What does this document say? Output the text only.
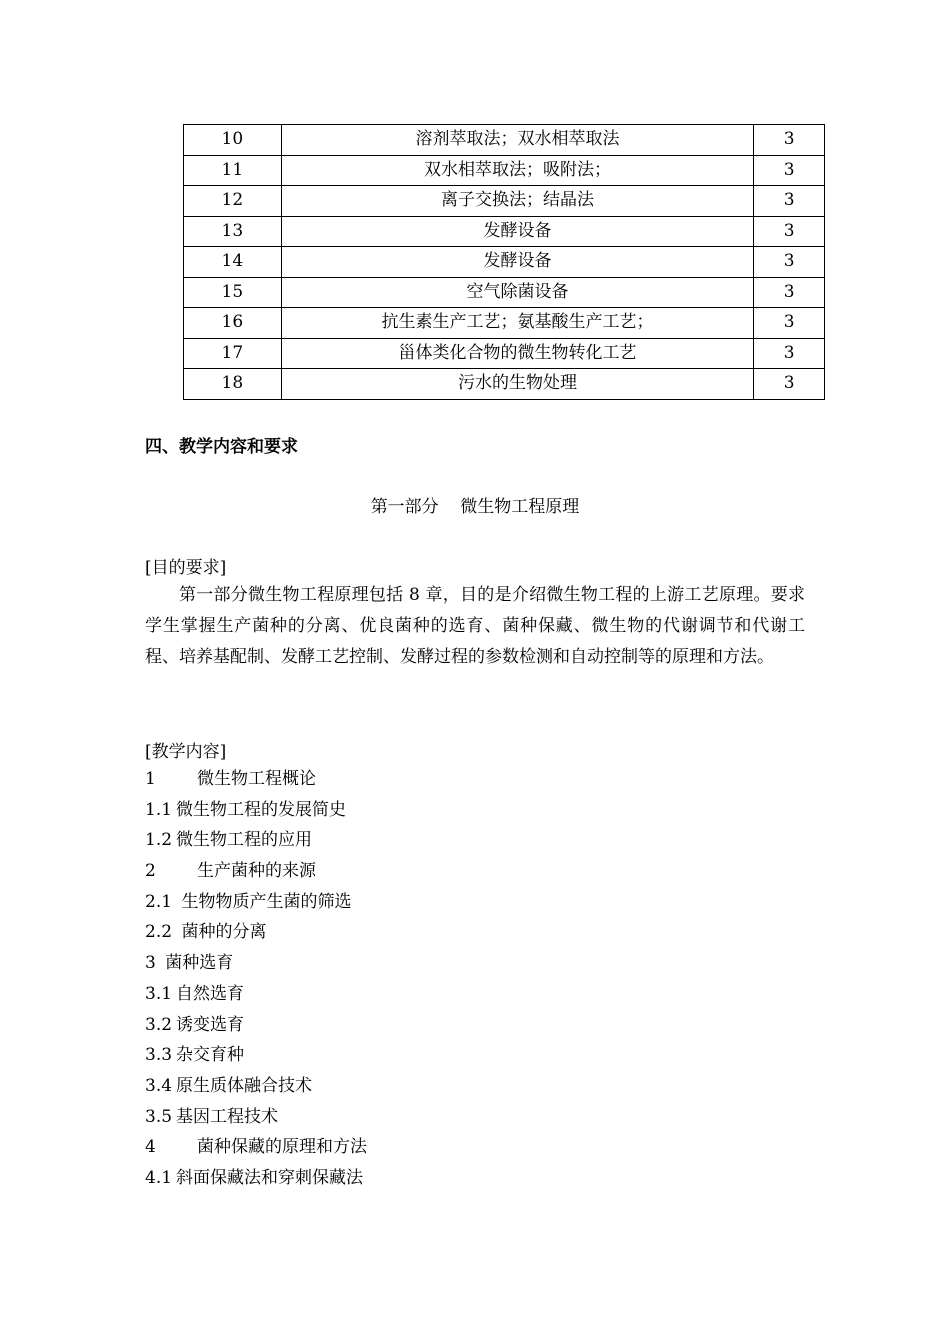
10	溶剂萃取法；双水相萃取法	3
11	双水相萃取法；吸附法；	3
12	离子交换法；结晶法	3
13	发酵设备	3
14	发酵设备	3
15	空气除菌设备	3
16	抗生素生产工艺；氨基酸生产工艺；	3
17	甾体类化合物的微生物转化工艺	3
18	污水的生物处理	3
四、教学内容和要求

第一部分    微生物工程原理

[目的要求]

第一部分微生物工程原理包括 8 章，目的是介绍微生物工程的上游工艺原理。要求学生掌握生产菌种的分离、优良菌种的选育、菌种保藏、微生物的代谢调节和代谢工程、培养基配制、发酵工艺控制、发酵过程的参数检测和自动控制等的原理和方法。

[教学内容]

1 微生物工程概论
1.1 微生物工程的发展简史
1.2 微生物工程的应用
2 生产菌种的来源
2.1 生物物质产生菌的筛选
2.2 菌种的分离
3 菌种选育
3.1 自然选育
3.2 诱变选育
3.3 杂交育种
3.4 原生质体融合技术
3.5 基因工程技术
4 菌种保藏的原理和方法
4.1 斜面保藏法和穿刺保藏法
